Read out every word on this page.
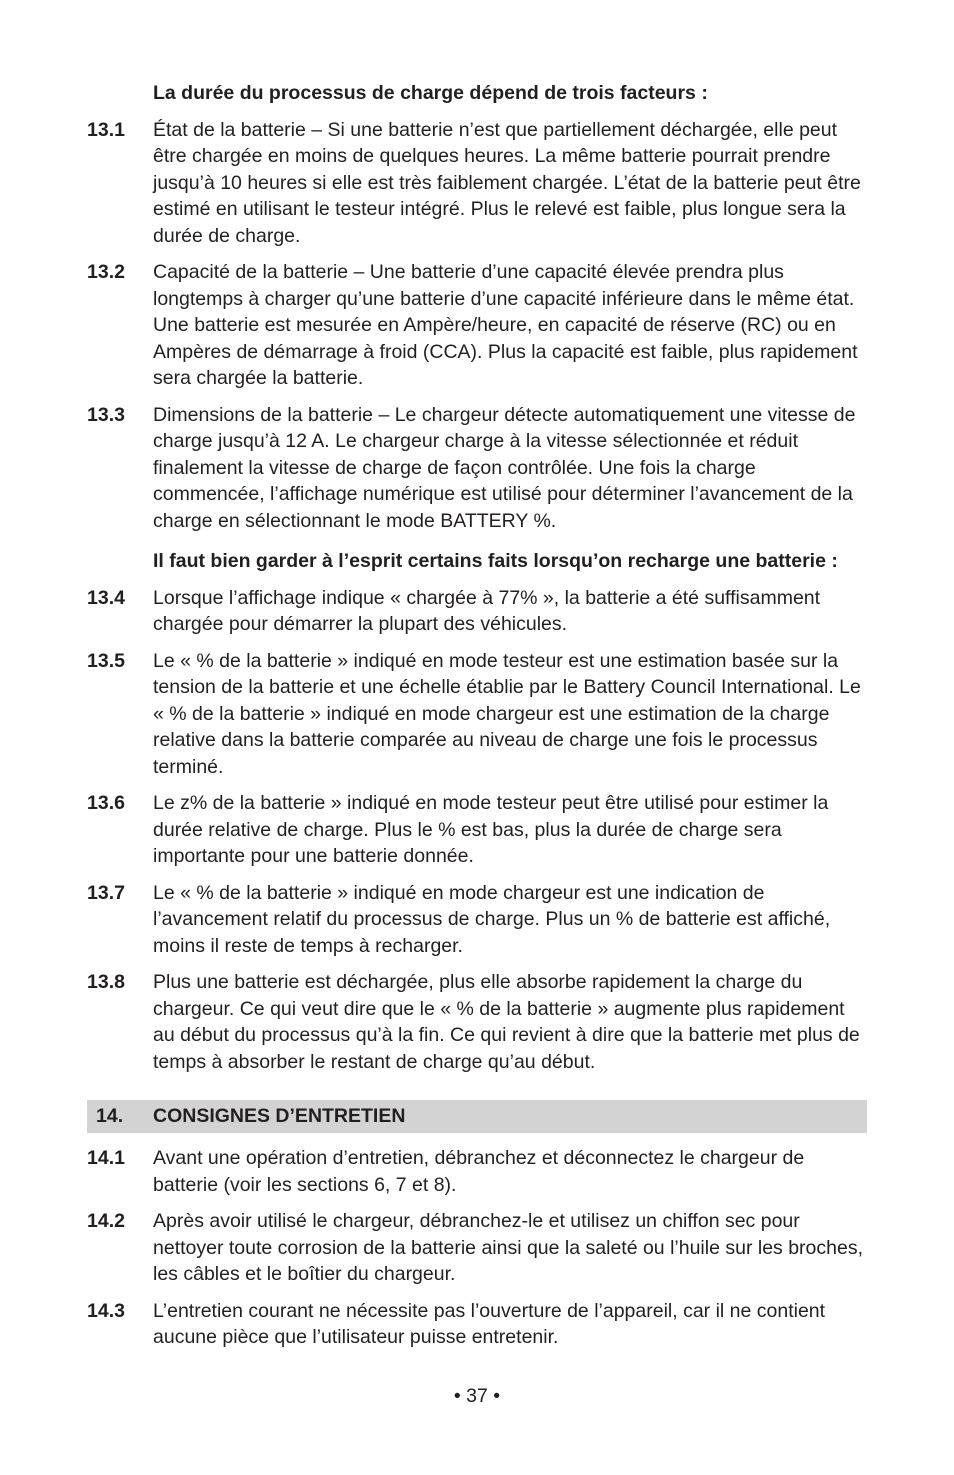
La durée du processus de charge dépend de trois facteurs :
13.1	État de la batterie – Si une batterie n’est que partiellement déchargée, elle peut être chargée en moins de quelques heures. La même batterie pourrait prendre jusqu’à 10 heures si elle est très faiblement chargée. L’état de la batterie peut être estimé en utilisant le testeur intégré. Plus le relevé est faible, plus longue sera la durée de charge.
13.2	Capacité de la batterie – Une batterie d’une capacité élevée prendra plus longtemps à charger qu’une batterie d’une capacité inférieure dans le même état. Une batterie est mesurée en Ampère/heure, en capacité de réserve (RC) ou en Ampères de démarrage à froid (CCA). Plus la capacité est faible, plus rapidement sera chargée la batterie.
13.3	Dimensions de la batterie – Le chargeur détecte automatiquement une vitesse de charge jusqu’à 12 A. Le chargeur charge à la vitesse sélectionnée et réduit finalement la vitesse de charge de façon contrôlée. Une fois la charge commencée, l’affichage numérique est utilisé pour déterminer l’avancement de la charge en sélectionnant le mode BATTERY %.
Il faut bien garder à l’esprit certains faits lorsqu’on recharge une batterie :
13.4	Lorsque l’affichage indique « chargée à 77% », la batterie a été suffisamment chargée pour démarrer la plupart des véhicules.
13.5	Le « % de la batterie » indiqué en mode testeur est une estimation basée sur la tension de la batterie et une échelle établie par le Battery Council International. Le « % de la batterie » indiqué en mode chargeur est une estimation de la charge relative dans la batterie comparée au niveau de charge une fois le processus terminé.
13.6	Le z% de la batterie » indiqué en mode testeur peut être utilisé pour estimer la durée relative de charge. Plus le % est bas, plus la durée de charge sera importante pour une batterie donnée.
13.7	Le « % de la batterie » indiqué en mode chargeur est une indication de l’avancement relatif du processus de charge. Plus un % de batterie est affiché, moins il reste de temps à recharger.
13.8	Plus une batterie est déchargée, plus elle absorbe rapidement la charge du chargeur. Ce qui veut dire que le « % de la batterie » augmente plus rapidement au début du processus qu’à la fin. Ce qui revient à dire que la batterie met plus de temps à absorber le restant de charge qu’au début.
14.	CONSIGNES D’ENTRETIEN
14.1	Avant une opération d’entretien, débranchez et déconnectez le chargeur de batterie (voir les sections 6, 7 et 8).
14.2	Après avoir utilisé le chargeur, débranchez-le et utilisez un chiffon sec pour nettoyer toute corrosion de la batterie ainsi que la saleté ou l’huile sur les broches, les câbles et le boîtier du chargeur.
14.3	L’entretien courant ne nécessite pas l’ouverture de l’appareil, car il ne contient aucune pièce que l’utilisateur puisse entretenir.
• 37 •
